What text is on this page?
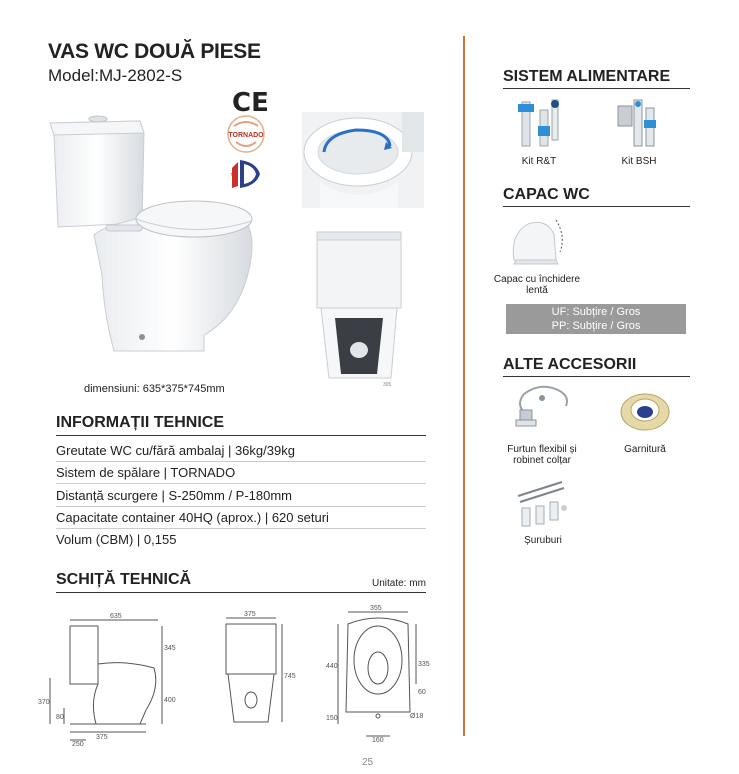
VAS WC DOUĂ PIESE
Model:MJ-2802-S
CE
TORNADO
★
★
305
dimensiuni: 635*375*745mm
INFORMAȚII TEHNICE
Greutate WC cu/fără ambalaj | 36kg/39kg
Sistem de spălare | TORNADO
Distanță scurgere | S-250mm / P-180mm
Capacitate container 40HQ (aprox.) | 620 seturi
Volum (CBM) | 0,155
SCHIȚĂ TEHNICĂ	Unitate: mm
635
345
400
370
80
375
250
375
745
355
440	335
60
150	Ø18
160
SISTEM ALIMENTARE
Kit R&T	Kit BSH
CAPAC WC
Capac cu închidere
lentă
UF: Subțire / Gros
PP: Subțire / Gros
ALTE ACCESORII
Furtun flexibil și
robinet colțar
Garnitură
Șuruburi
25
